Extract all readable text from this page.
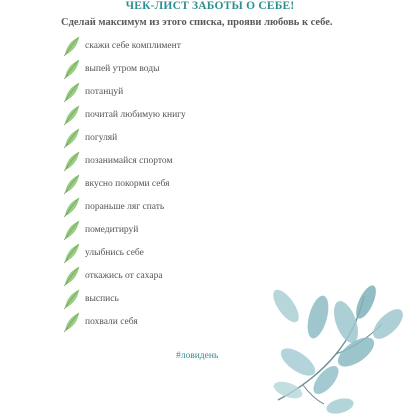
ЧЕК-ЛИСТ ЗАБОТЫ О СЕБЕ!
Сделай максимум из этого списка, прояви любовь к себе.
скажи себе комплимент
выпей утром воды
потанцуй
почитай любимую книгу
погуляй
позанимайся спортом
вкусно покорми себя
пораньше ляг спать
помедитируй
улыбнись себе
откажись от сахара
выспись
похвали себя
#ловидень
